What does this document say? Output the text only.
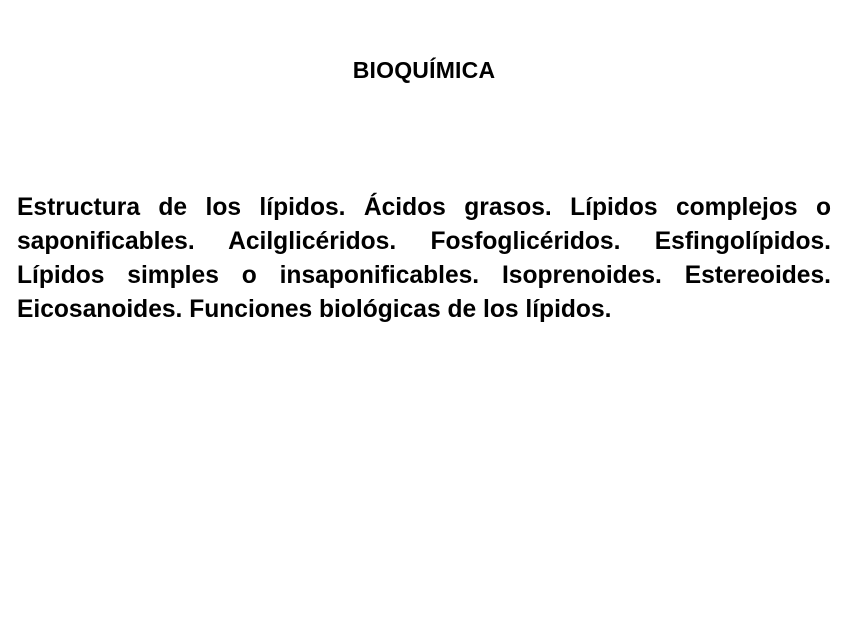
BIOQUÍMICA

Estructura de los lípidos. Ácidos grasos. Lípidos complejos o saponificables. Acilglicéridos. Fosfoglicéridos. Esfingolípidos. Lípidos simples o insaponificables. Isoprenoides. Estereoides. Eicosanoides. Funciones biológicas de los lípidos.
